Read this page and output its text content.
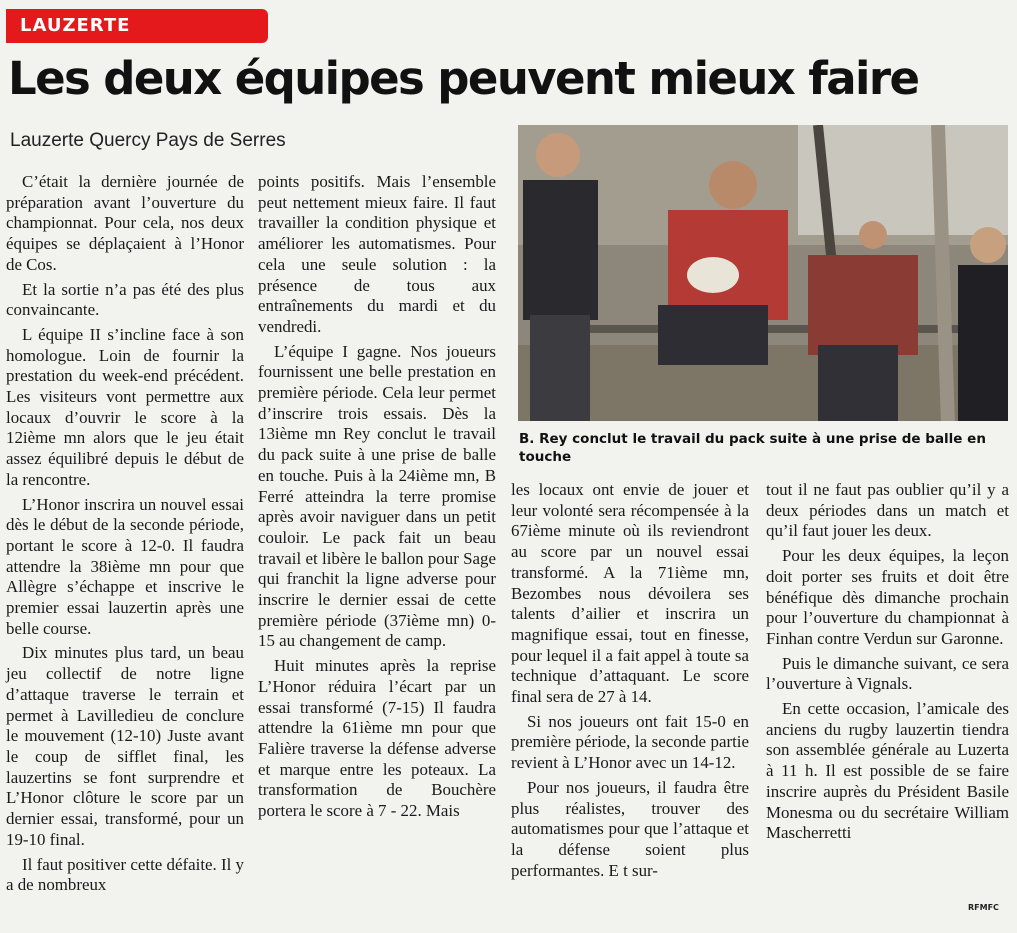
LAUZERTE
Les deux équipes peuvent mieux faire
Lauzerte Quercy Pays de Serres

C’était la dernière journée de préparation avant l’ouverture du championnat. Pour cela, nos deux équipes se déplaçaient à l’Honor de Cos.

Et la sortie n’a pas été des plus convaincante.

L équipe II s’incline face à son homologue. Loin de fournir la prestation du week-end précédent. Les visiteurs vont permettre aux locaux d’ouvrir le score à la 12ième mn alors que le jeu était assez équilibré depuis le début de la rencontre.

L’Honor inscrira un nouvel essai dès le début de la seconde période, portant le score à 12-0. Il faudra attendre la 38ième mn pour que Allègre s’échappe et inscrive le premier essai lauzertin après une belle course.

Dix minutes plus tard, un beau jeu collectif de notre ligne d’attaque traverse le terrain et permet à Lavilledieu de conclure le mouvement (12-10) Juste avant le coup de sifflet final, les lauzertins se font surprendre et L’Honor clôture le score par un dernier essai, transformé, pour un 19-10 final.

Il faut positiver cette défaite. Il y a de nombreux

points positifs. Mais l’ensemble peut nettement mieux faire. Il faut travailler la condition physique et améliorer les automatismes. Pour cela une seule solution : la présence de tous aux entraînements du mardi et du vendredi.

L’équipe I gagne. Nos joueurs fournissent une belle prestation en première période. Cela leur permet d’inscrire trois essais. Dès la 13ième mn Rey conclut le travail du pack suite à une prise de balle en touche. Puis à la 24ième mn, B Ferré atteindra la terre promise après avoir naviguer dans un petit couloir. Le pack fait un beau travail et libère le ballon pour Sage qui franchit la ligne adverse pour inscrire le dernier essai de cette première période (37ième mn) 0-15 au changement de camp.

Huit minutes après la reprise L’Honor réduira l’écart par un essai transformé (7-15) Il faudra attendre la 61ième mn pour que Falière traverse la défense adverse et marque entre les poteaux. La transformation de Bouchère portera le score à 7 - 22. Mais

B. Rey conclut le travail du pack suite à une prise de balle en touche

les locaux ont envie de jouer et leur volonté sera récompensée à la 67ième minute où ils reviendront au score par un nouvel essai transformé. A la 71ième mn, Bezombes nous dévoilera ses talents d’ailier et inscrira un magnifique essai, tout en finesse, pour lequel il a fait appel à toute sa technique d’attaquant. Le score final sera de 27 à 14.

Si nos joueurs ont fait 15-0 en première période, la seconde partie revient à L’Honor avec un 14-12.

Pour nos joueurs, il faudra être plus réalistes, trouver des automatismes pour que l’attaque et la défense soient plus performantes. E t sur-

tout il ne faut pas oublier qu’il y a deux périodes dans un match et qu’il faut jouer les deux.

Pour les deux équipes, la leçon doit porter ses fruits et doit être bénéfique dès dimanche prochain pour l’ouverture du championnat à Finhan contre Verdun sur Garonne.

Puis le dimanche suivant, ce sera l’ouverture à Vignals.

En cette occasion, l’amicale des anciens du rugby lauzertin tiendra son assemblée générale au Luzerta à 11 h. Il est possible de se faire inscrire auprès du Président Basile Monesma ou du secrétaire William Mascherretti

RFMFC
